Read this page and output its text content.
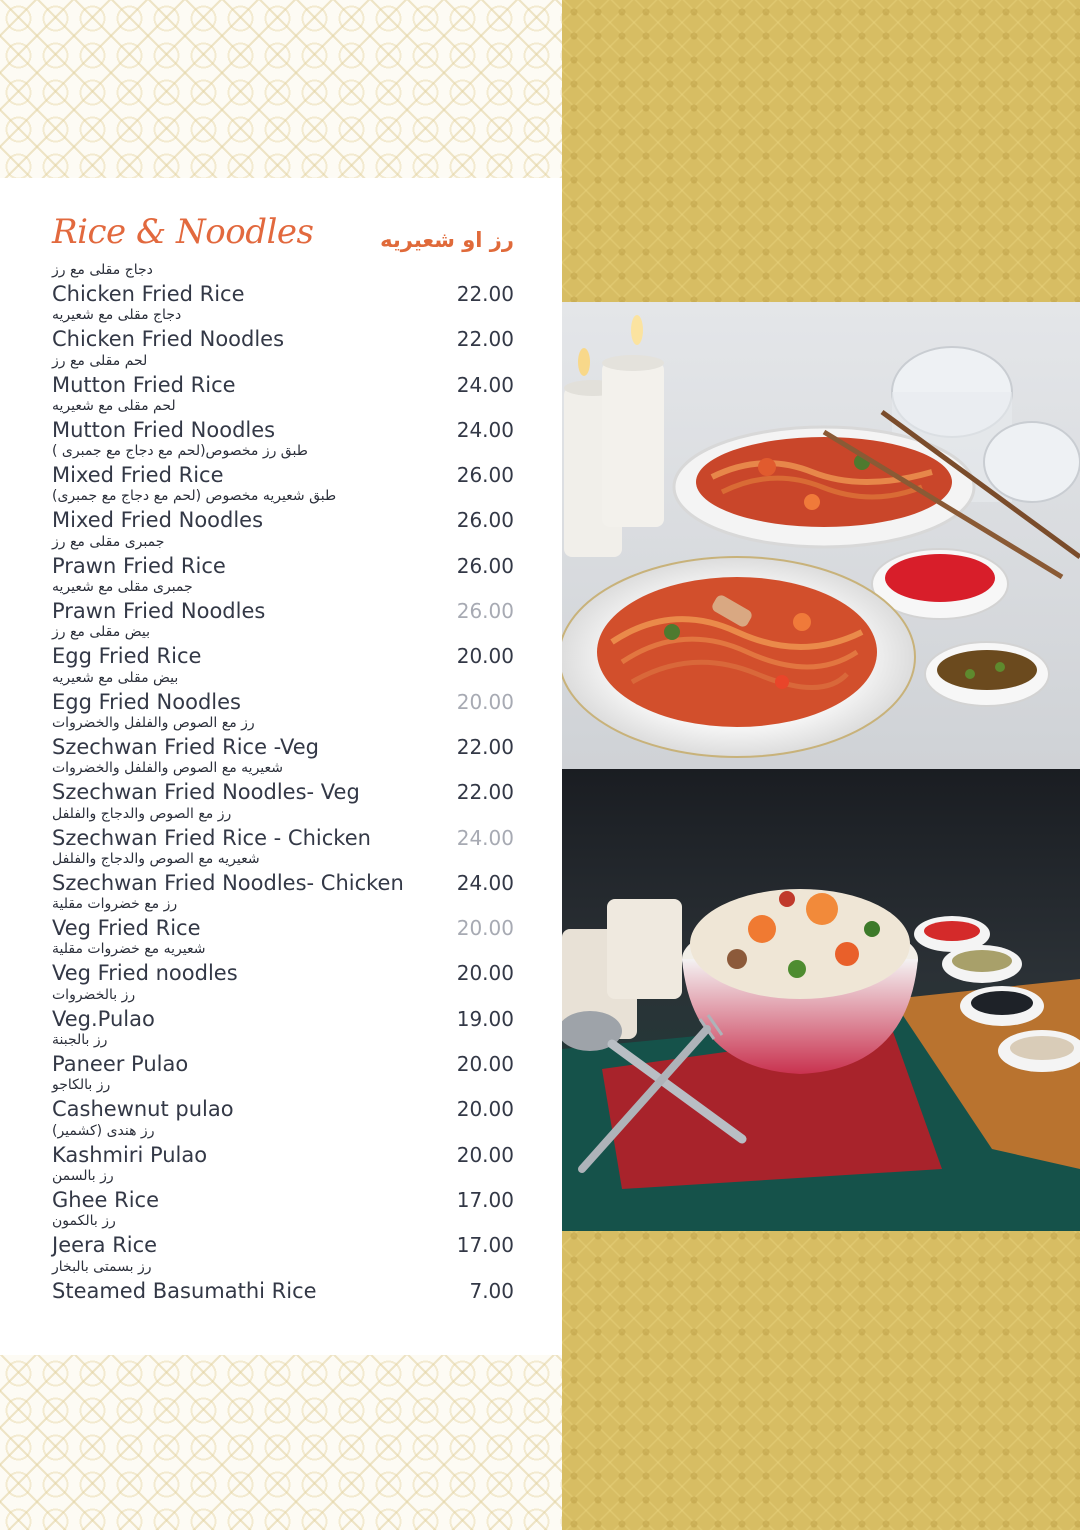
Rice & Noodles	رز او شعيريه
دجاج مقلى مع رز
Chicken Fried Rice	22.00
دجاج مقلى مع شعيريه
Chicken Fried Noodles	22.00
لحم مقلى مع رز
Mutton Fried Rice	24.00
لحم مقلى مع شعيريه
Mutton Fried Noodles	24.00
طبق رز مخصوص(لحم مع دجاج مع جمبرى )
Mixed Fried Rice	26.00
طبق شعيريه مخصوص (لحم مع دجاج مع جمبرى)
Mixed Fried Noodles	26.00
جمبرى مقلى مع رز
Prawn Fried Rice	26.00
جمبرى مقلى مع شعيريه
Prawn Fried Noodles	26.00
بيض مقلى مع رز
Egg Fried Rice	20.00
بيض مقلى مع شعيريه
Egg Fried Noodles	20.00
رز مع الصوص والفلفل والخضروات
Szechwan Fried Rice -Veg	22.00
شعيريه مع الصوص والفلفل والخضروات
Szechwan Fried Noodles- Veg	22.00
رز مع الصوص والدجاج والفلفل
Szechwan Fried Rice - Chicken	24.00
شعيريه مع الصوص والدجاج والفلفل
Szechwan Fried Noodles- Chicken	24.00
رز مع خضروات مقلية
Veg Fried Rice	20.00
شعيريه مع خضروات مقلية
Veg Fried noodles	20.00
رز بالخضروات
Veg.Pulao	19.00
رز بالجبنة
Paneer Pulao	20.00
رز بالكاجو
Cashewnut pulao	20.00
رز هندى (كشمير)
Kashmiri Pulao	20.00
رز بالسمن
Ghee Rice	17.00
رز بالكمون
Jeera Rice	17.00
رز بسمتى بالبخار
Steamed Basumathi Rice	7.00
